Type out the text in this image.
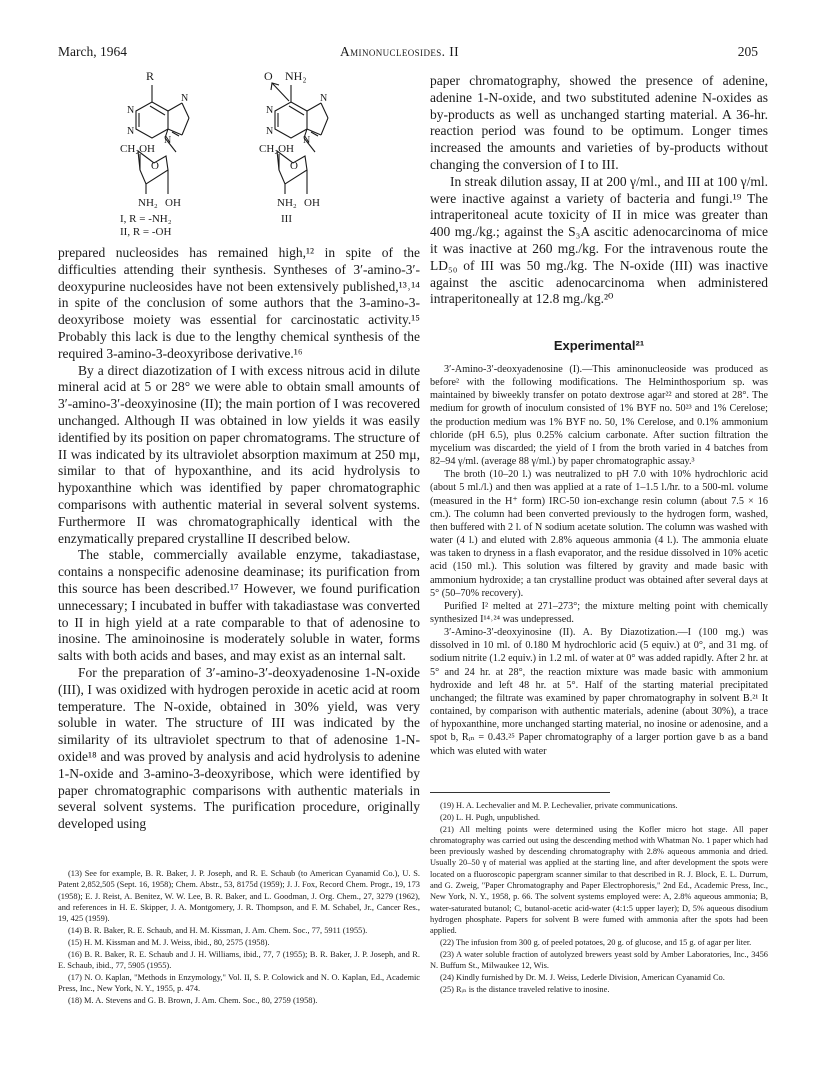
March, 1964	Aminonucleosides. II	205
R
N
N
N
N
CH₂OH
O
NH₂ OH
I, R = -NH₂
II, R = -OH
O NH₂
N
N
N
N
CH₂OH
O
NH₂ OH
III

prepared nucleosides has remained high,¹² in spite of the difficulties attending their synthesis. Syntheses of 3′-amino-3′-deoxypurine nucleosides have not been extensively published,¹³˒¹⁴ in spite of the conclusion of some authors that the 3-amino-3-deoxyribose moiety was essential for carcinostatic activity.¹⁵ Probably this lack is due to the lengthy chemical synthesis of the required 3-amino-3-deoxyribose derivative.¹⁶

By a direct diazotization of I with excess nitrous acid in dilute mineral acid at 5 or 28° we were able to obtain small amounts of 3′-amino-3′-deoxyinosine (II); the main portion of I was recovered unchanged. Although II was obtained in low yields it was easily identified by its position on paper chromatograms. The structure of II was indicated by its ultraviolet absorption maximum at 250 mμ, similar to that of hypoxanthine, and its acid hydrolysis to hypoxanthine which was identified by paper chromatographic comparisons with authentic material in several solvent systems. Furthermore II was chromatographically identical with the enzymatically prepared crystalline II described below.

The stable, commercially available enzyme, takadiastase, contains a nonspecific adenosine deaminase; its purification from this source has been described.¹⁷ However, we found purification unnecessary; I incubated in buffer with takadiastase was converted to II in high yield at a rate comparable to that of adenosine to inosine. The aminoinosine is moderately soluble in water, forms salts with both acids and bases, and may exist as an internal salt.

For the preparation of 3′-amino-3′-deoxyadenosine 1-N-oxide (III), I was oxidized with hydrogen peroxide in acetic acid at room temperature. The N-oxide, obtained in 30% yield, was very soluble in water. The structure of III was indicated by the similarity of its ultraviolet spectrum to that of adenosine 1-N-oxide¹⁸ and was proved by analysis and acid hydrolysis to adenine 1-N-oxide and 3-amino-3-deoxyribose, which were identified by paper chromatographic comparisons with authentic materials in several solvent systems. The purification procedure, originally developed using

(13) See for example, B. R. Baker, J. P. Joseph, and R. E. Schaub (to American Cyanamid Co.), U. S. Patent 2,852,505 (Sept. 16, 1958); Chem. Abstr., 53, 8175d (1959); J. J. Fox, Record Chem. Progr., 19, 173 (1958); E. J. Reist, A. Benitez, W. W. Lee, B. R. Baker, and L. Goodman, J. Org. Chem., 27, 3279 (1962), and references in H. E. Skipper, J. A. Montgomery, J. R. Thompson, and F. M. Schabel, Jr., Cancer Res., 19, 425 (1959).

(14) B. R. Baker, R. E. Schaub, and H. M. Kissman, J. Am. Chem. Soc., 77, 5911 (1955).

(15) H. M. Kissman and M. J. Weiss, ibid., 80, 2575 (1958).

(16) B. R. Baker, R. E. Schaub and J. H. Williams, ibid., 77, 7 (1955); B. R. Baker, J. P. Joseph, and R. E. Schaub, ibid., 77, 5905 (1955).

(17) N. O. Kaplan, "Methods in Enzymology," Vol. II, S. P. Colowick and N. O. Kaplan, Ed., Academic Press, Inc., New York, N. Y., 1955, p. 474.

(18) M. A. Stevens and G. B. Brown, J. Am. Chem. Soc., 80, 2759 (1958).

paper chromatography, showed the presence of adenine, adenine 1-N-oxide, and two substituted adenine N-oxides as by-products as well as unchanged starting material. A 36-hr. reaction period was found to be optimum. Longer times increased the amounts and varieties of by-products without changing the conversion of I to III.

In streak dilution assay, II at 200 γ/ml., and III at 100 γ/ml. were inactive against a variety of bacteria and fungi.¹⁹ The intraperitoneal acute toxicity of II in mice was greater than 400 mg./kg.; against the S₃A ascitic adenocarcinoma of mice it was inactive at 260 mg./kg. For the intravenous route the LD₅₀ of III was 50 mg./kg. The N-oxide (III) was inactive against the ascitic adenocarcinoma when administered intraperitoneally at 12.8 mg./kg.²⁰

Experimental²¹

3′-Amino-3′-deoxyadenosine (I).—This aminonucleoside was produced as before² with the following modifications. The Helminthosporium sp. was maintained by biweekly transfer on potato dextrose agar²² and stored at 28°. The medium for growth of inoculum consisted of 1% BYF no. 50²³ and 1% Cerelose; the production medium was 1% BYF no. 50, 1% Cerelose, and 0.1% ammonium chloride (pH 6.5), plus 0.25% calcium carbonate. After suction filtration the mycelium was discarded; the yield of I from the broth varied in 4 batches from 82–94 γ/ml. (average 88 γ/ml.) by paper chromatographic assay.³

The broth (10–20 l.) was neutralized to pH 7.0 with 10% hydrochloric acid (about 5 ml./l.) and then was applied at a rate of 1–1.5 l./hr. to a 500-ml. volume (measured in the H⁺ form) IRC-50 ion-exchange resin column (about 7.5 × 16 cm.). The column had been converted previously to the hydrogen form, washed, then buffered with 2 l. of N sodium acetate solution. The column was washed with water (4 l.) and eluted with 2.8% aqueous ammonia (4 l.). The ammonia eluate was taken to dryness in a flash evaporator, and the residue dissolved in 10% acetic acid (150 ml.). This solution was filtered by gravity and made basic with ammonium hydroxide; a tan crystalline product was obtained after several days at 5° (50–70% recovery).

Purified I² melted at 271–273°; the mixture melting point with chemically synthesized I¹⁴˒²⁴ was undepressed.

3′-Amino-3′-deoxyinosine (II). A. By Diazotization.—I (100 mg.) was dissolved in 10 ml. of 0.180 M hydrochloric acid (5 equiv.) at 0°, and 31 mg. of sodium nitrite (1.2 equiv.) in 1.2 ml. of water at 0° was added rapidly. After 2 hr. at 5° and 24 hr. at 28°, the reaction mixture was made basic with ammonium hydroxide and left 48 hr. at 5°. Half of the starting material precipitated unchanged; the filtrate was examined by paper chromatography in solvent B.²¹ It contained, by comparison with authentic materials, adenine (about 30%), a trace of hypoxanthine, more unchanged starting material, no inosine or adenosine, and a spot b, Rᵢₙ = 0.43.²⁵ Paper chromatography of a larger portion gave b as a band which was eluted with water

(19) H. A. Lechevalier and M. P. Lechevalier, private communications.

(20) L. H. Pugh, unpublished.

(21) All melting points were determined using the Kofler micro hot stage. All paper chromatography was carried out using the descending method with Whatman No. 1 paper which had been previously washed by descending chromatography with 2.8% aqueous ammonia and dried. Usually 20–50 γ of material was applied at the starting line, and after development the spots were located on a fluoroscopic papergram scanner similar to that described in R. J. Block, E. L. Durrum, and G. Zweig, "Paper Chromatography and Paper Electrophoresis," 2nd Ed., Academic Press, Inc., New York, N. Y., 1958, p. 66. The solvent systems employed were: A, 2.8% aqueous ammonia; B, water-saturated butanol; C, butanol-acetic acid-water (4:1:5 upper layer); D, 5% aqueous disodium hydrogen phosphate. Papers for solvent B were fumed with ammonia after the spots had been applied.

(22) The infusion from 300 g. of peeled potatoes, 20 g. of glucose, and 15 g. of agar per liter.

(23) A water soluble fraction of autolyzed brewers yeast sold by Amber Laboratories, Inc., 3456 N. Buffum St., Milwaukee 12, Wis.

(24) Kindly furnished by Dr. M. J. Weiss, Lederle Division, American Cyanamid Co.

(25) Rᵢₙ is the distance traveled relative to inosine.
